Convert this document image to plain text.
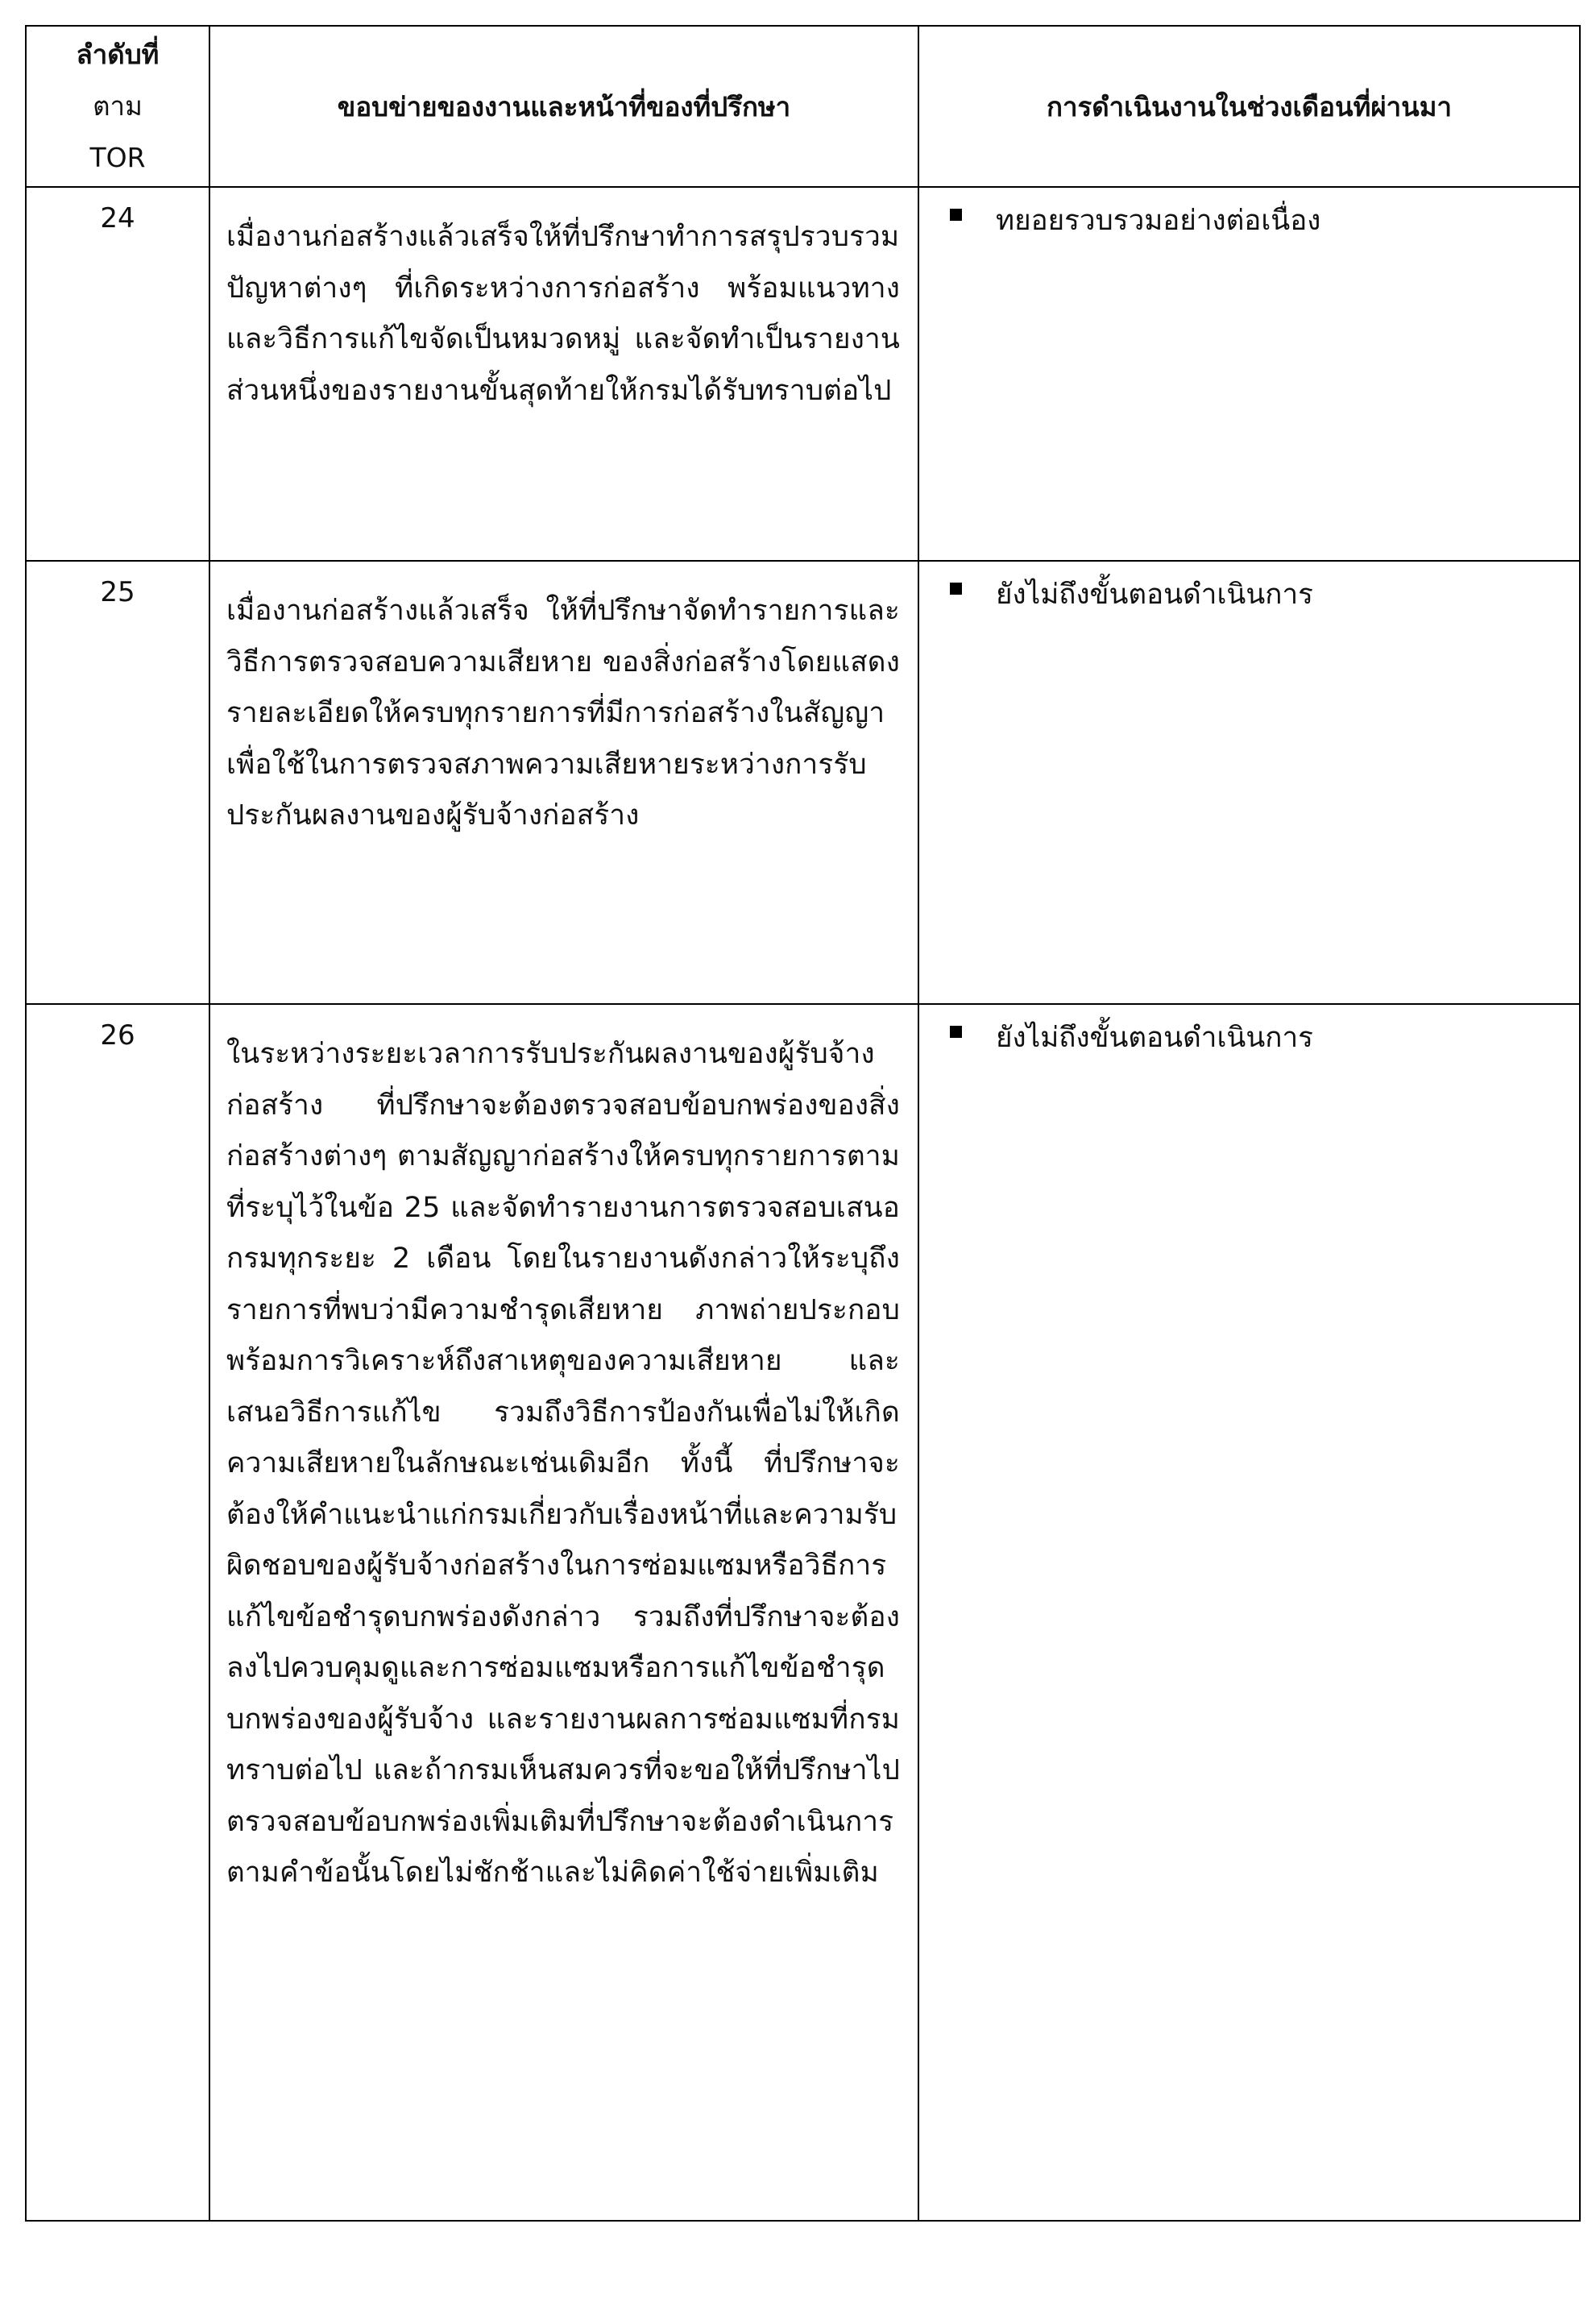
ลำดับที่
ตาม
TOR	ขอบข่ายของงานและหน้าที่ของที่ปรึกษา	การดำเนินงานในช่วงเดือนที่ผ่านมา

24	เมื่องานก่อสร้างแล้วเสร็จให้ที่ปรึกษาทำการสรุปรวบรวมปัญหาต่างๆ ที่เกิดระหว่างการก่อสร้าง พร้อมแนวทางและวิธีการแก้ไขจัดเป็นหมวดหมู่ และจัดทำเป็นรายงานส่วนหนึ่งของรายงานขั้นสุดท้ายให้กรมได้รับทราบต่อไป	ทยอยรวบรวมอย่างต่อเนื่อง

25	เมื่องานก่อสร้างแล้วเสร็จ ให้ที่ปรึกษาจัดทำรายการและวิธีการตรวจสอบความเสียหาย ของสิ่งก่อสร้างโดยแสดงรายละเอียดให้ครบทุกรายการที่มีการก่อสร้างในสัญญา เพื่อใช้ในการตรวจสภาพความเสียหายระหว่างการรับประกันผลงานของผู้รับจ้างก่อสร้าง	ยังไม่ถึงขั้นตอนดำเนินการ

26	ในระหว่างระยะเวลาการรับประกันผลงานของผู้รับจ้างก่อสร้าง ที่ปรึกษาจะต้องตรวจสอบข้อบกพร่องของสิ่งก่อสร้างต่างๆ ตามสัญญาก่อสร้างให้ครบทุกรายการตามที่ระบุไว้ในข้อ 25 และจัดทำรายงานการตรวจสอบเสนอกรมทุกระยะ 2 เดือน โดยในรายงานดังกล่าวให้ระบุถึงรายการที่พบว่ามีความชำรุดเสียหาย ภาพถ่ายประกอบ พร้อมการวิเคราะห์ถึงสาเหตุของความเสียหาย และเสนอวิธีการแก้ไข รวมถึงวิธีการป้องกันเพื่อไม่ให้เกิดความเสียหายในลักษณะเช่นเดิมอีก ทั้งนี้ ที่ปรึกษาจะต้องให้คำแนะนำแก่กรมเกี่ยวกับเรื่องหน้าที่และความรับผิดชอบของผู้รับจ้างก่อสร้างในการซ่อมแซมหรือวิธีการแก้ไขข้อชำรุดบกพร่องดังกล่าว รวมถึงที่ปรึกษาจะต้องลงไปควบคุมดูและการซ่อมแซมหรือการแก้ไขข้อชำรุดบกพร่องของผู้รับจ้าง และรายงานผลการซ่อมแซมที่กรมทราบต่อไป และถ้ากรมเห็นสมควรที่จะขอให้ที่ปรึกษาไปตรวจสอบข้อบกพร่องเพิ่มเติมที่ปรึกษาจะต้องดำเนินการตามคำข้อนั้นโดยไม่ชักช้าและไม่คิดค่าใช้จ่ายเพิ่มเติม	ยังไม่ถึงขั้นตอนดำเนินการ
